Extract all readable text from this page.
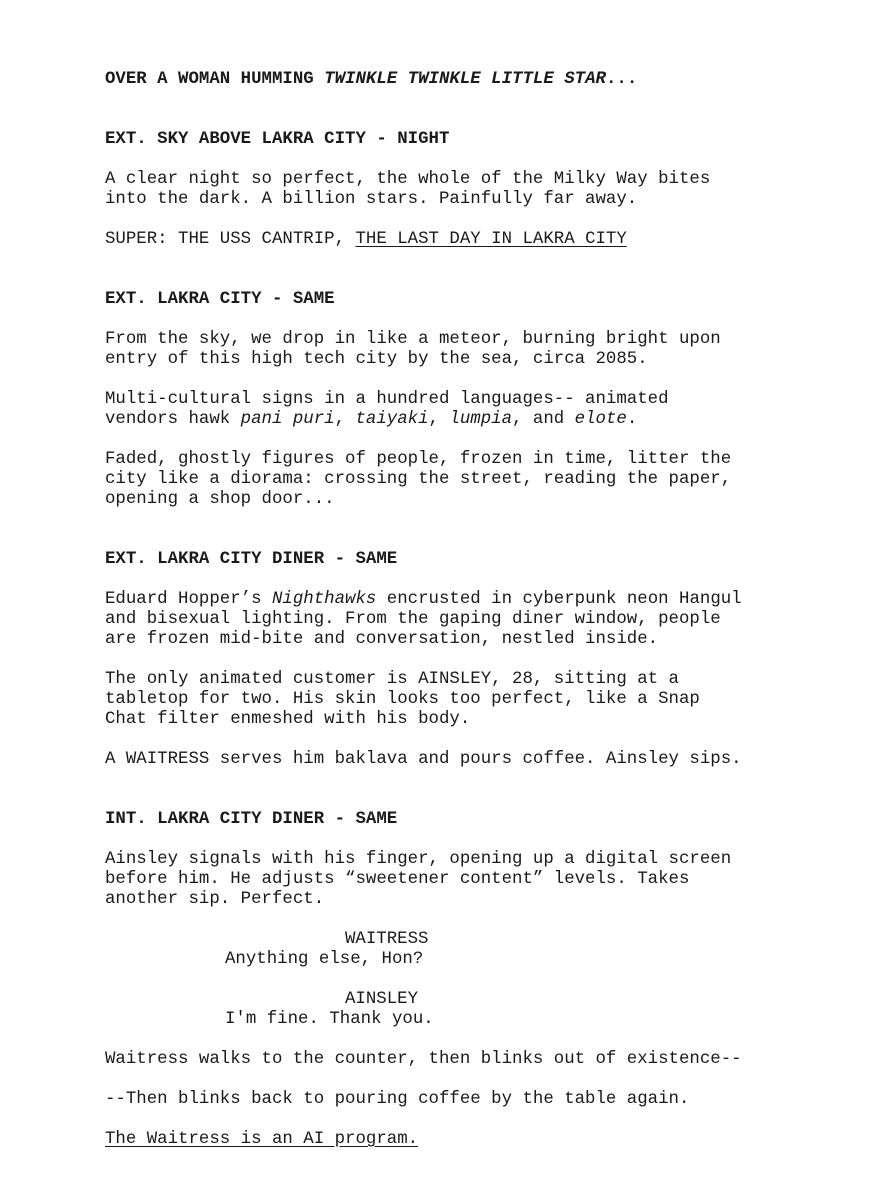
OVER A WOMAN HUMMING TWINKLE TWINKLE LITTLE STAR...
EXT. SKY ABOVE LAKRA CITY - NIGHT
A clear night so perfect, the whole of the Milky Way bites
into the dark. A billion stars. Painfully far away.
SUPER: THE USS CANTRIP, THE LAST DAY IN LAKRA CITY
EXT. LAKRA CITY - SAME
From the sky, we drop in like a meteor, burning bright upon
entry of this high tech city by the sea, circa 2085.
Multi-cultural signs in a hundred languages-- animated
vendors hawk pani puri, taiyaki, lumpia, and elote.
Faded, ghostly figures of people, frozen in time, litter the
city like a diorama: crossing the street, reading the paper,
opening a shop door...
EXT. LAKRA CITY DINER - SAME
Eduard Hopper’s Nighthawks encrusted in cyberpunk neon Hangul
and bisexual lighting. From the gaping diner window, people
are frozen mid-bite and conversation, nestled inside.
The only animated customer is AINSLEY, 28, sitting at a
tabletop for two. His skin looks too perfect, like a Snap
Chat filter enmeshed with his body.
A WAITRESS serves him baklava and pours coffee. Ainsley sips.
INT. LAKRA CITY DINER - SAME
Ainsley signals with his finger, opening up a digital screen
before him. He adjusts “sweetener content” levels. Takes
another sip. Perfect.
WAITRESS
Anything else, Hon?
AINSLEY
I'm fine. Thank you.
Waitress walks to the counter, then blinks out of existence--
--Then blinks back to pouring coffee by the table again.
The Waitress is an AI program.
